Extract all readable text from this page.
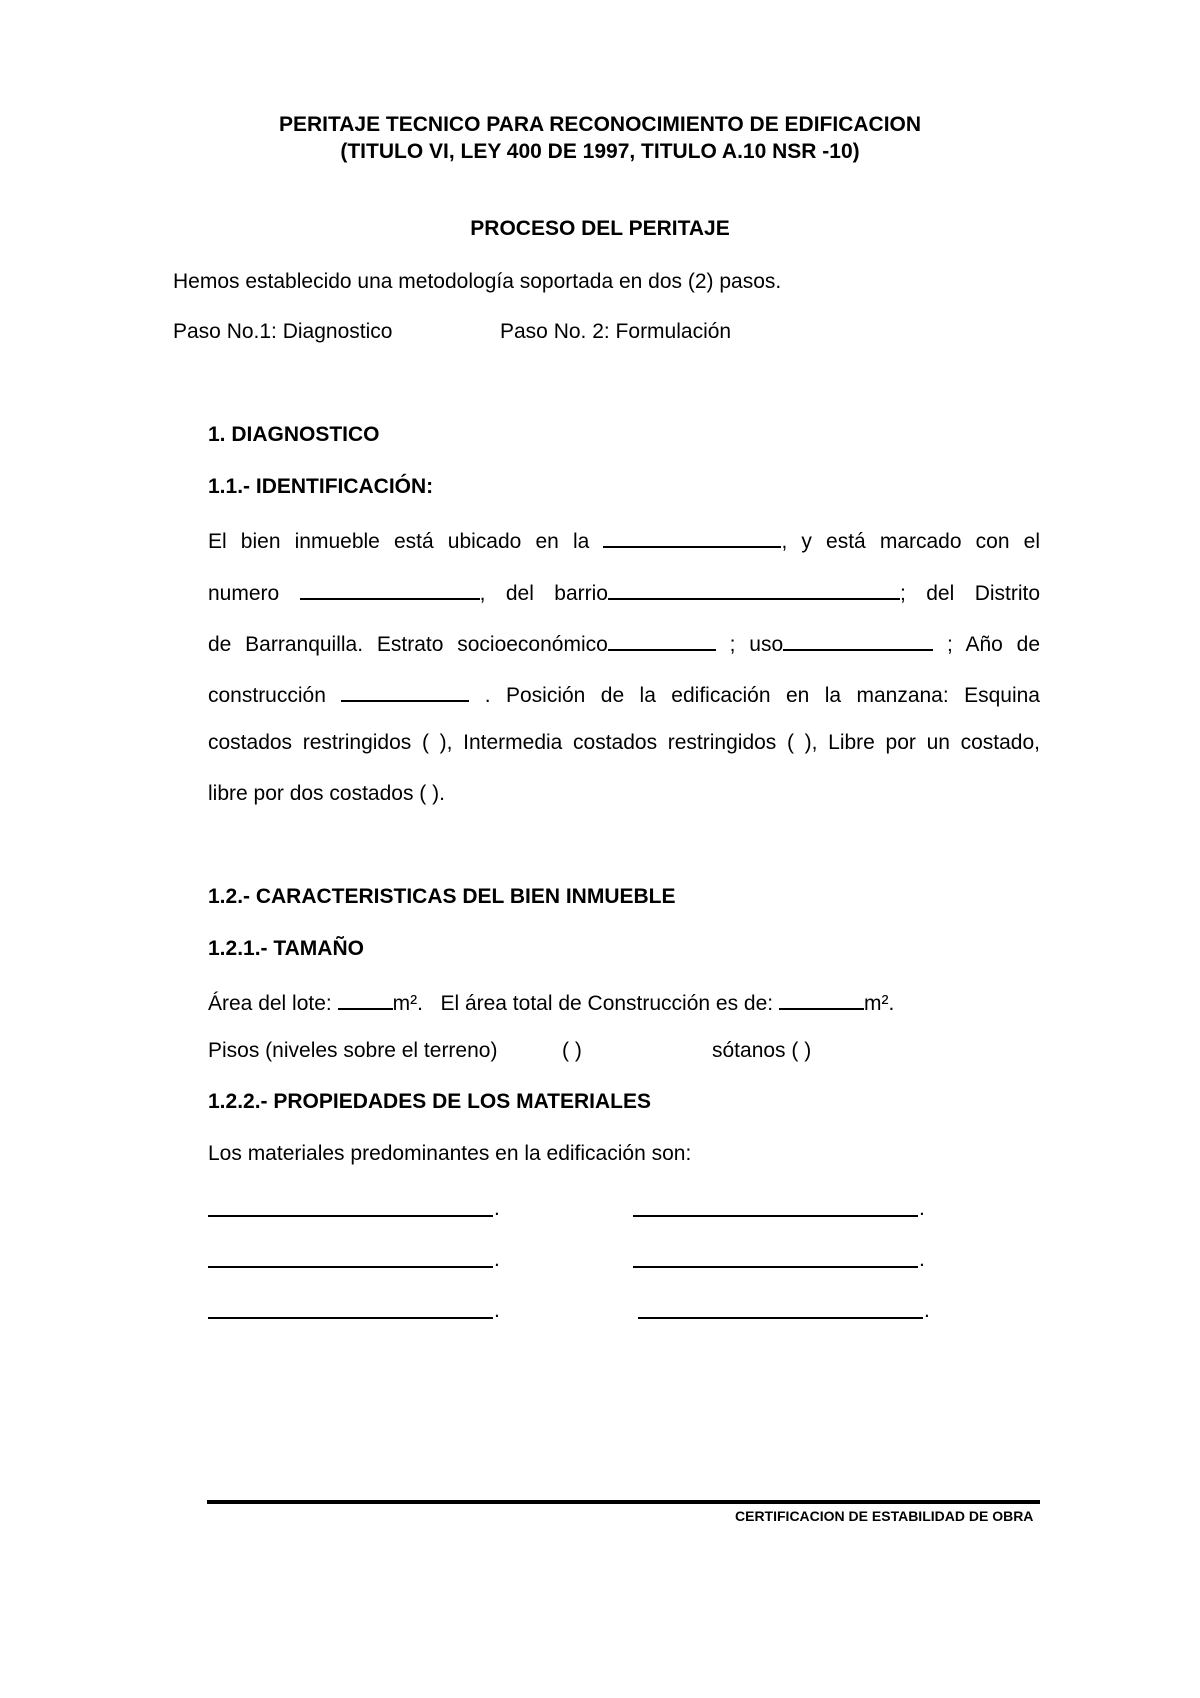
PERITAJE TECNICO PARA RECONOCIMIENTO DE EDIFICACION
(TITULO VI, LEY 400 DE 1997, TITULO A.10 NSR -10)
PROCESO DEL PERITAJE
Hemos establecido una metodología soportada en dos (2) pasos.
Paso No.1: Diagnostico	Paso No. 2: Formulación
1. DIAGNOSTICO
1.1.- IDENTIFICACIÓN:
El bien inmueble está ubicado en la	, y está marcado con el
numero	, del barrio	; del Distrito
de Barranquilla. Estrato socioeconómico	; uso	; Año de
construcción	. Posición de la edificación en la manzana: Esquina
costados restringidos ( ), Intermedia costados restringidos ( ), Libre por un costado,
libre por dos costados ( ).
1.2.- CARACTERISTICAS DEL BIEN INMUEBLE
1.2.1.- TAMAÑO
Área del lote:	m². El área total de Construcción es de:	m².
Pisos (niveles sobre el terreno)	( )	sótanos ( )
1.2.2.- PROPIEDADES DE LOS MATERIALES
Los materiales predominantes en la edificación son:
.	.
.	.
.	.
CERTIFICACION DE ESTABILIDAD DE OBRA
